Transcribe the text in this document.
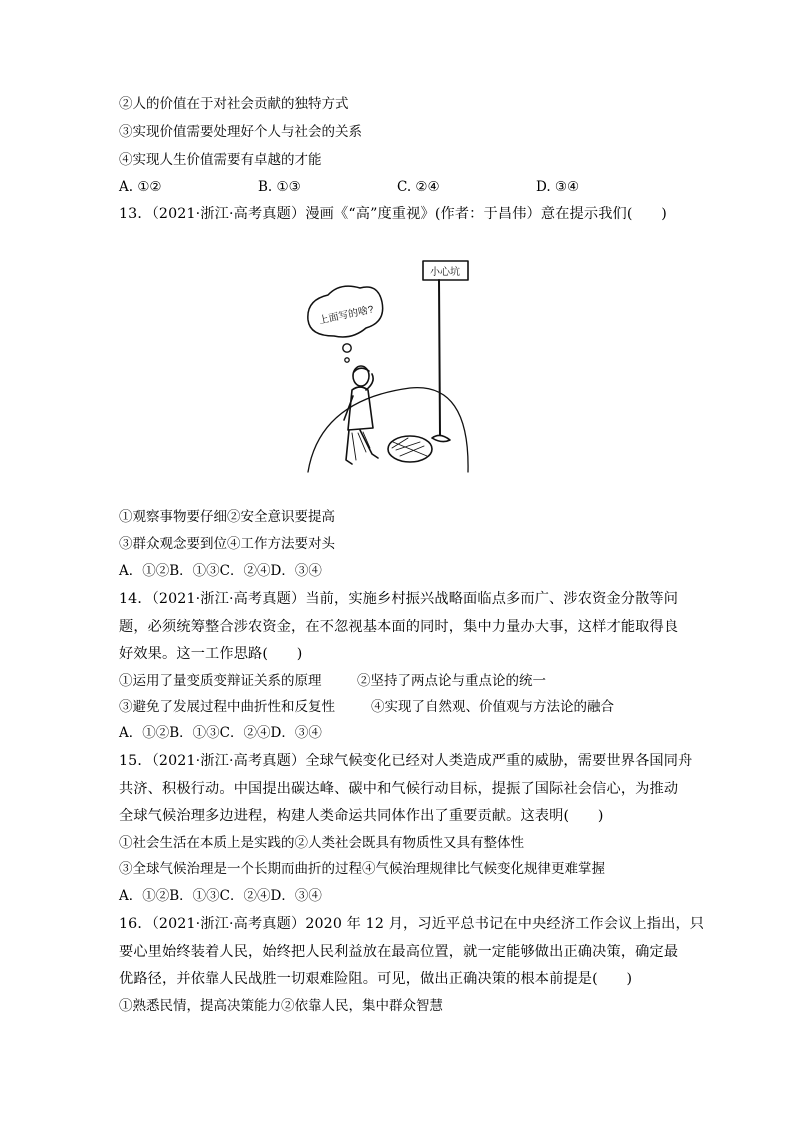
②人的价值在于对社会贡献的独特方式
③实现价值需要处理好个人与社会的关系
④实现人生价值需要有卓越的才能
A. ①②	B. ①③	C. ②④	D. ③④
13．（2021·浙江·高考真题）漫画《“高”度重视》(作者：于昌伟）意在提示我们(　　)
小心坑
上面写的啥?
①观察事物要仔细②安全意识要提高
③群众观念要到位④工作方法要对头
A．①②B．①③C．②④D．③④
14．（2021·浙江·高考真题）当前，实施乡村振兴战略面临点多而广、涉农资金分散等问
题，必须统筹整合涉农资金，在不忽视基本面的同时，集中力量办大事，这样才能取得良
好效果。这一工作思路(　　)
①运用了量变质变辩证关系的原理	②坚持了两点论与重点论的统一
③避免了发展过程中曲折性和反复性	④实现了自然观、价值观与方法论的融合
A．①②B．①③C．②④D．③④
15．（2021·浙江·高考真题）全球气候变化已经对人类造成严重的威胁，需要世界各国同舟
共济、积极行动。中国提出碳达峰、碳中和气候行动目标，提振了国际社会信心，为推动
全球气候治理多边进程，构建人类命运共同体作出了重要贡献。这表明(　　)
①社会生活在本质上是实践的②人类社会既具有物质性又具有整体性
③全球气候治理是一个长期而曲折的过程④气候治理规律比气候变化规律更难掌握
A．①②B．①③C．②④D．③④
16．（2021·浙江·高考真题）2020 年 12 月，习近平总书记在中央经济工作会议上指出，只
要心里始终装着人民，始终把人民利益放在最高位置，就一定能够做出正确决策，确定最
优路径，并依靠人民战胜一切艰难险阻。可见，做出正确决策的根本前提是(　　)
①熟悉民情，提高决策能力②依靠人民，集中群众智慧
